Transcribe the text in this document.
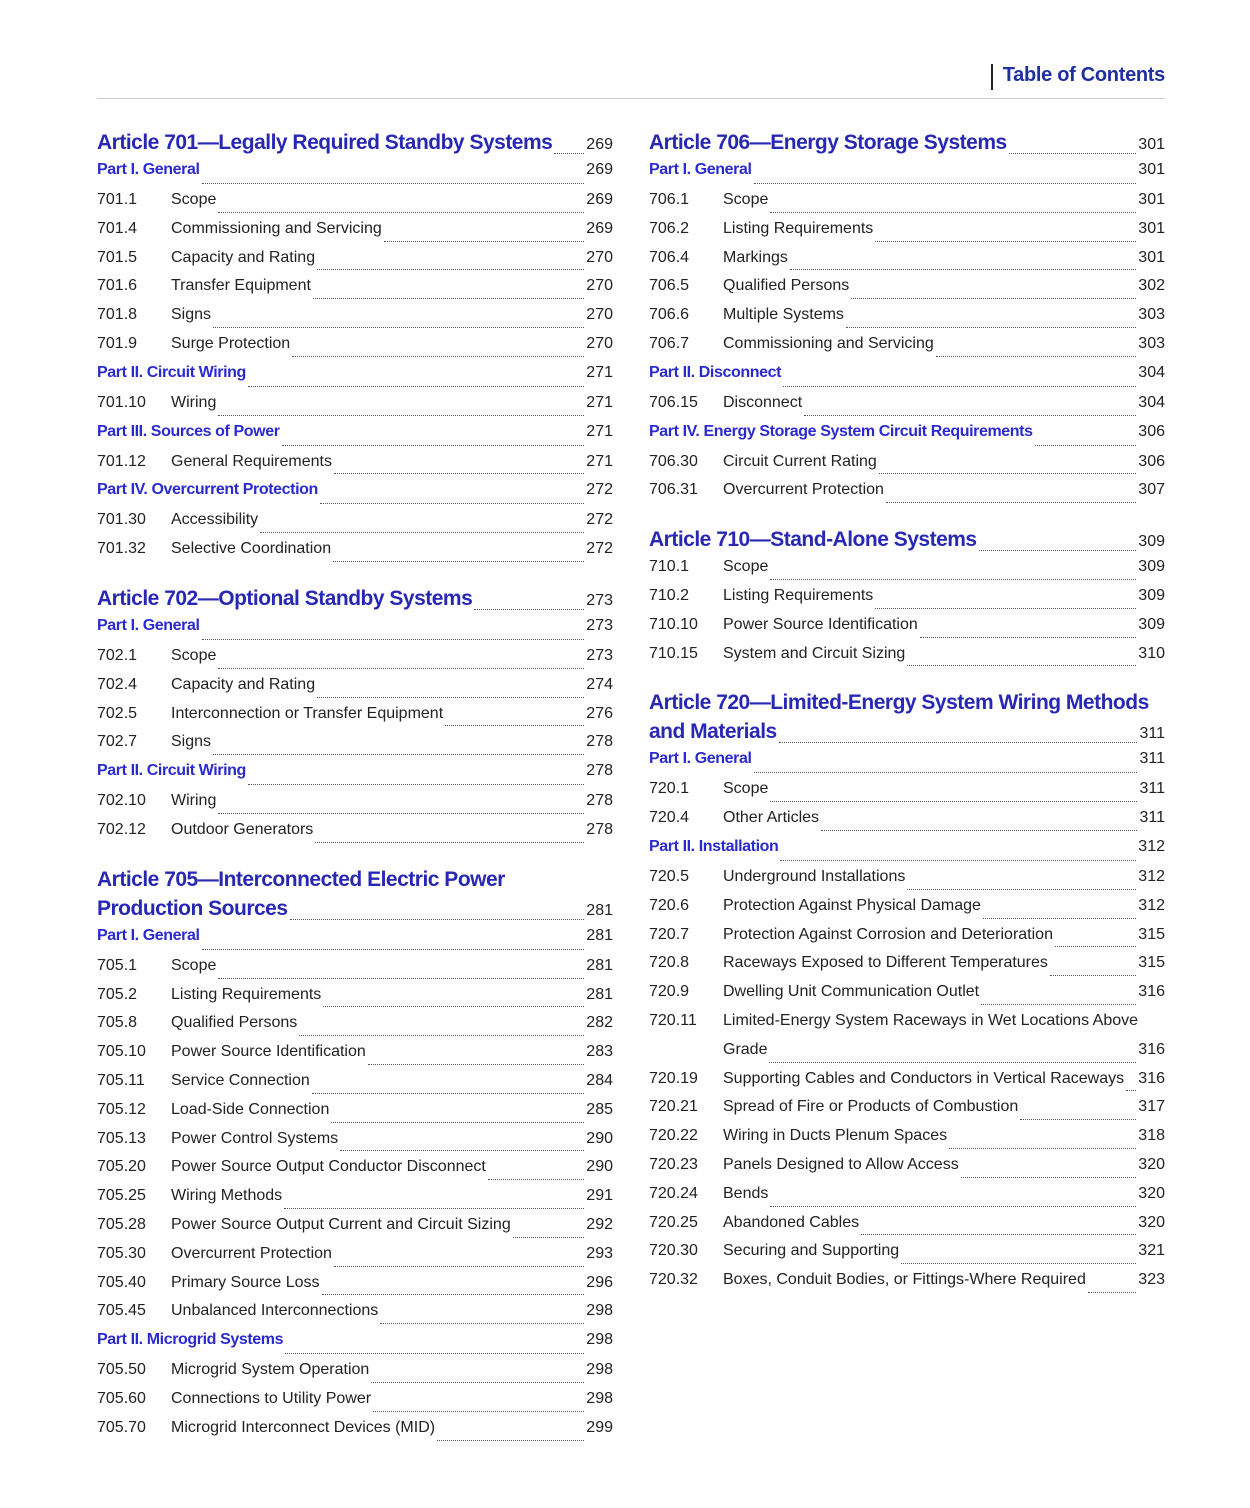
Table of Contents
Article 701—Legally Required Standby Systems 269
Part I. General	269
701.1	Scope	269
701.4	Commissioning and Servicing	269
701.5	Capacity and Rating	270
701.6	Transfer Equipment	270
701.8	Signs	270
701.9	Surge Protection	270
Part II. Circuit Wiring	271
701.10	Wiring	271
Part III. Sources of Power	271
701.12	General Requirements	271
Part IV. Overcurrent Protection	272
701.30	Accessibility	272
701.32	Selective Coordination	272
Article 702—Optional Standby Systems	273
Part I. General	273
702.1	Scope	273
702.4	Capacity and Rating	274
702.5	Interconnection or Transfer Equipment	276
702.7	Signs	278
Part II. Circuit Wiring	278
702.10	Wiring	278
702.12	Outdoor Generators	278
Article 705—Interconnected Electric Power
Production Sources	281
Part I. General	281
705.1	Scope	281
705.2	Listing Requirements	281
705.8	Qualified Persons	282
705.10	Power Source Identification	283
705.11	Service Connection	284
705.12	Load-Side Connection	285
705.13	Power Control Systems	290
705.20	Power Source Output Conductor Disconnect	290
705.25	Wiring Methods	291
705.28	Power Source Output Current and Circuit Sizing	292
705.30	Overcurrent Protection	293
705.40	Primary Source Loss	296
705.45	Unbalanced Interconnections	298
Part II. Microgrid Systems	298
705.50	Microgrid System Operation	298
705.60	Connections to Utility Power	298
705.70	Microgrid Interconnect Devices (MID)	299
Article 706—Energy Storage Systems	301
Part I. General	301
706.1	Scope	301
706.2	Listing Requirements	301
706.4	Markings	301
706.5	Qualified Persons	302
706.6	Multiple Systems	303
706.7	Commissioning and Servicing	303
Part II. Disconnect	304
706.15	Disconnect	304
Part IV. Energy Storage System Circuit Requirements	306
706.30	Circuit Current Rating	306
706.31	Overcurrent Protection	307
Article 710—Stand-Alone Systems	309
710.1	Scope	309
710.2	Listing Requirements	309
710.10	Power Source Identification	309
710.15	System and Circuit Sizing	310
Article 720—Limited-Energy System Wiring Methods
and Materials	311
Part I. General	311
720.1	Scope	311
720.4	Other Articles	311
Part II. Installation	312
720.5	Underground Installations	312
720.6	Protection Against Physical Damage	312
720.7	Protection Against Corrosion and Deterioration	315
720.8	Raceways Exposed to Different Temperatures	315
720.9	Dwelling Unit Communication Outlet	316
720.11	Limited-Energy System Raceways in Wet Locations Above
Grade	316
720.19	Supporting Cables and Conductors in Vertical Raceways 316
720.21	Spread of Fire or Products of Combustion	317
720.22	Wiring in Ducts Plenum Spaces	318
720.23	Panels Designed to Allow Access	320
720.24	Bends	320
720.25	Abandoned Cables	320
720.30	Securing and Supporting	321
720.32	Boxes, Conduit Bodies, or Fittings-Where Required	323
